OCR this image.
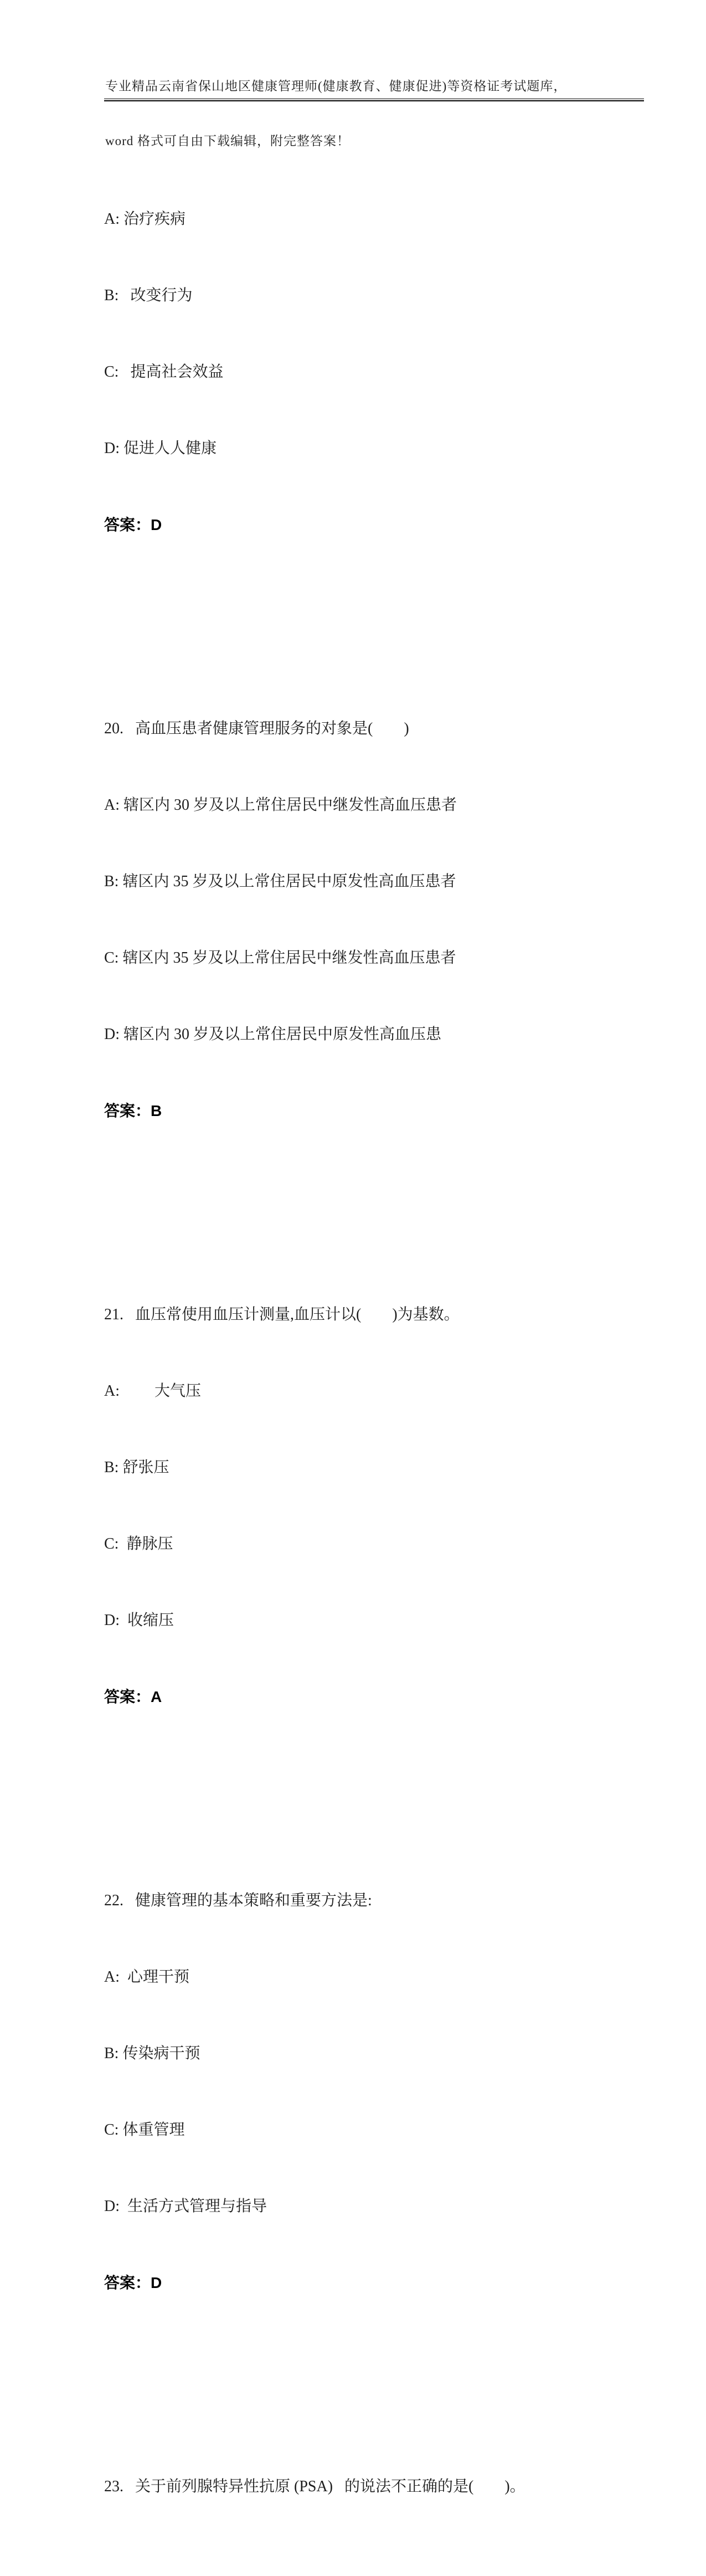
专业精品云南省保山地区健康管理师(健康教育、健康促进)等资格证考试题库，

word 格式可自由下载编辑，附完整答案！

A: 治疗疾病

B:   改变行为

C:   提高社会效益

D: 促进人人健康

答案：D

20.   高血压患者健康管理服务的对象是(　　)

A: 辖区内 30 岁及以上常住居民中继发性高血压患者

B: 辖区内 35 岁及以上常住居民中原发性高血压患者

C: 辖区内 35 岁及以上常住居民中继发性高血压患者

D: 辖区内 30 岁及以上常住居民中原发性高血压患

答案：B

21.   血压常使用血压计测量,血压计以(　　)为基数。

A:　　 大气压

B: 舒张压

C:  静脉压

D:  收缩压

答案：A

22.   健康管理的基本策略和重要方法是:

A:  心理干预

B: 传染病干预

C: 体重管理

D:  生活方式管理与指导

答案：D

23.   关于前列腺特异性抗原 (PSA)   的说法不正确的是(　　)。
